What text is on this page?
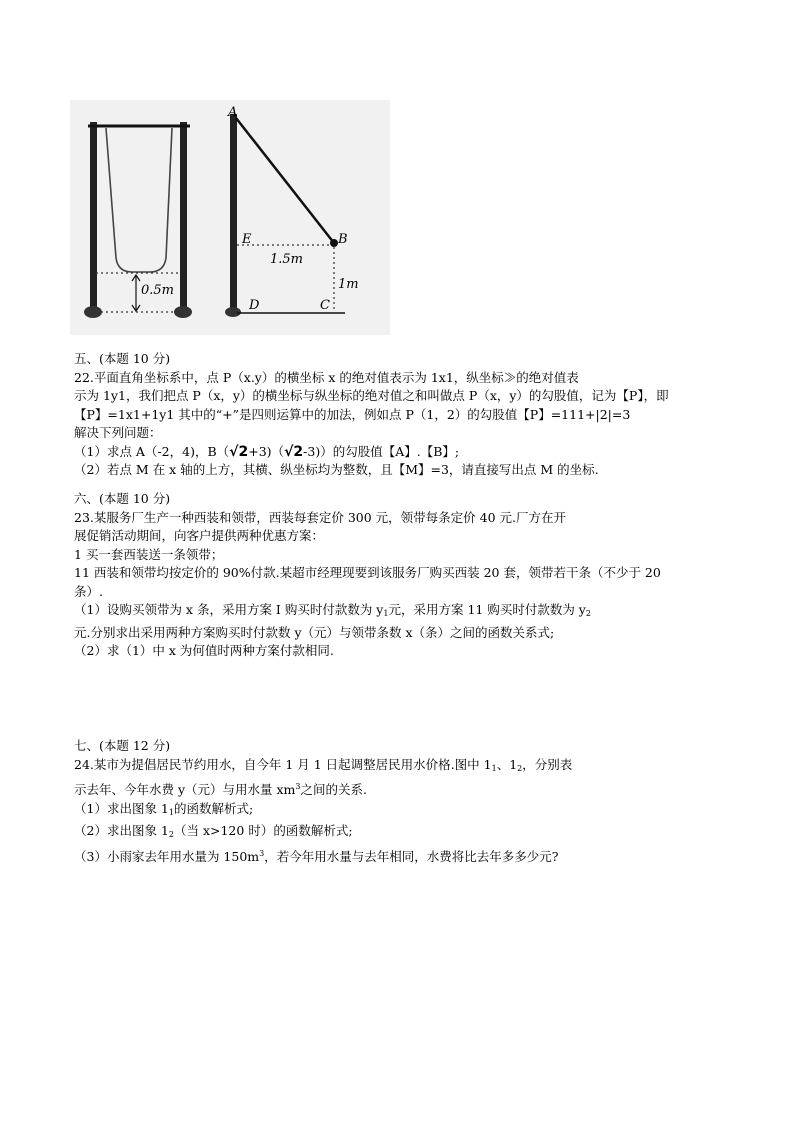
0.5m
A
B
E
D	C
1.5m
1m

五、(本题 10 分)

22.平面直角坐标系中，点 P（x.y）的横坐标 x 的绝对值表示为 1x1，纵坐标≫的绝对值表

示为 1y1，我们把点 P（x，y）的横坐标与纵坐标的绝对值之和叫做点 P（x，y）的勾股值，记为【P】，即

【P】=1x1+1y1 其中的“+”是四则运算中的加法，例如点 P（1，2）的勾股值【P】=111+|2|=3

解决下列问题：

（1）求点 A（-2，4)，B（√2+3)（√2-3)）的勾股值【A】.【B】;

（2）若点 M 在 x 轴的上方，其横、纵坐标均为整数，且【M】=3，请直接写出点 M 的坐标.

六、(本题 10 分)

23.某服务厂生产一种西装和领带，西装每套定价 300 元，领带每条定价 40 元.厂方在开

展促销活动期间，向客户提供两种优惠方案：

1 买一套西装送一条领带；

11 西装和领带均按定价的 90%付款.某超市经理现要到该服务厂购买西装 20 套，领带若干条（不少于 20

条）.

（1）设购买领带为 x 条，采用方案 I 购买时付款数为 $y_1$元，采用方案 11 购买时付款数为 $y_2$

元.分别求出采用两种方案购买时付款数 y（元）与领带条数 x（条）之间的函数关系式;

（2）求（1）中 x 为何值时两种方案付款相同.

七、(本题 12 分)

24.某市为提倡居民节约用水，自今年 1 月 1 日起调整居民用水价格.图中 $1_1$、$1_2$，分别表

示去年、今年水费 y（元）与用水量 $xm^3$之间的关系.

（1）求出图象 $1_1$的函数解析式;

（2）求出图象 $1_2$（当 x>120 时）的函数解析式;

（3）小雨家去年用水量为 $150m^3$，若今年用水量与去年相同，水费将比去年多多少元?
